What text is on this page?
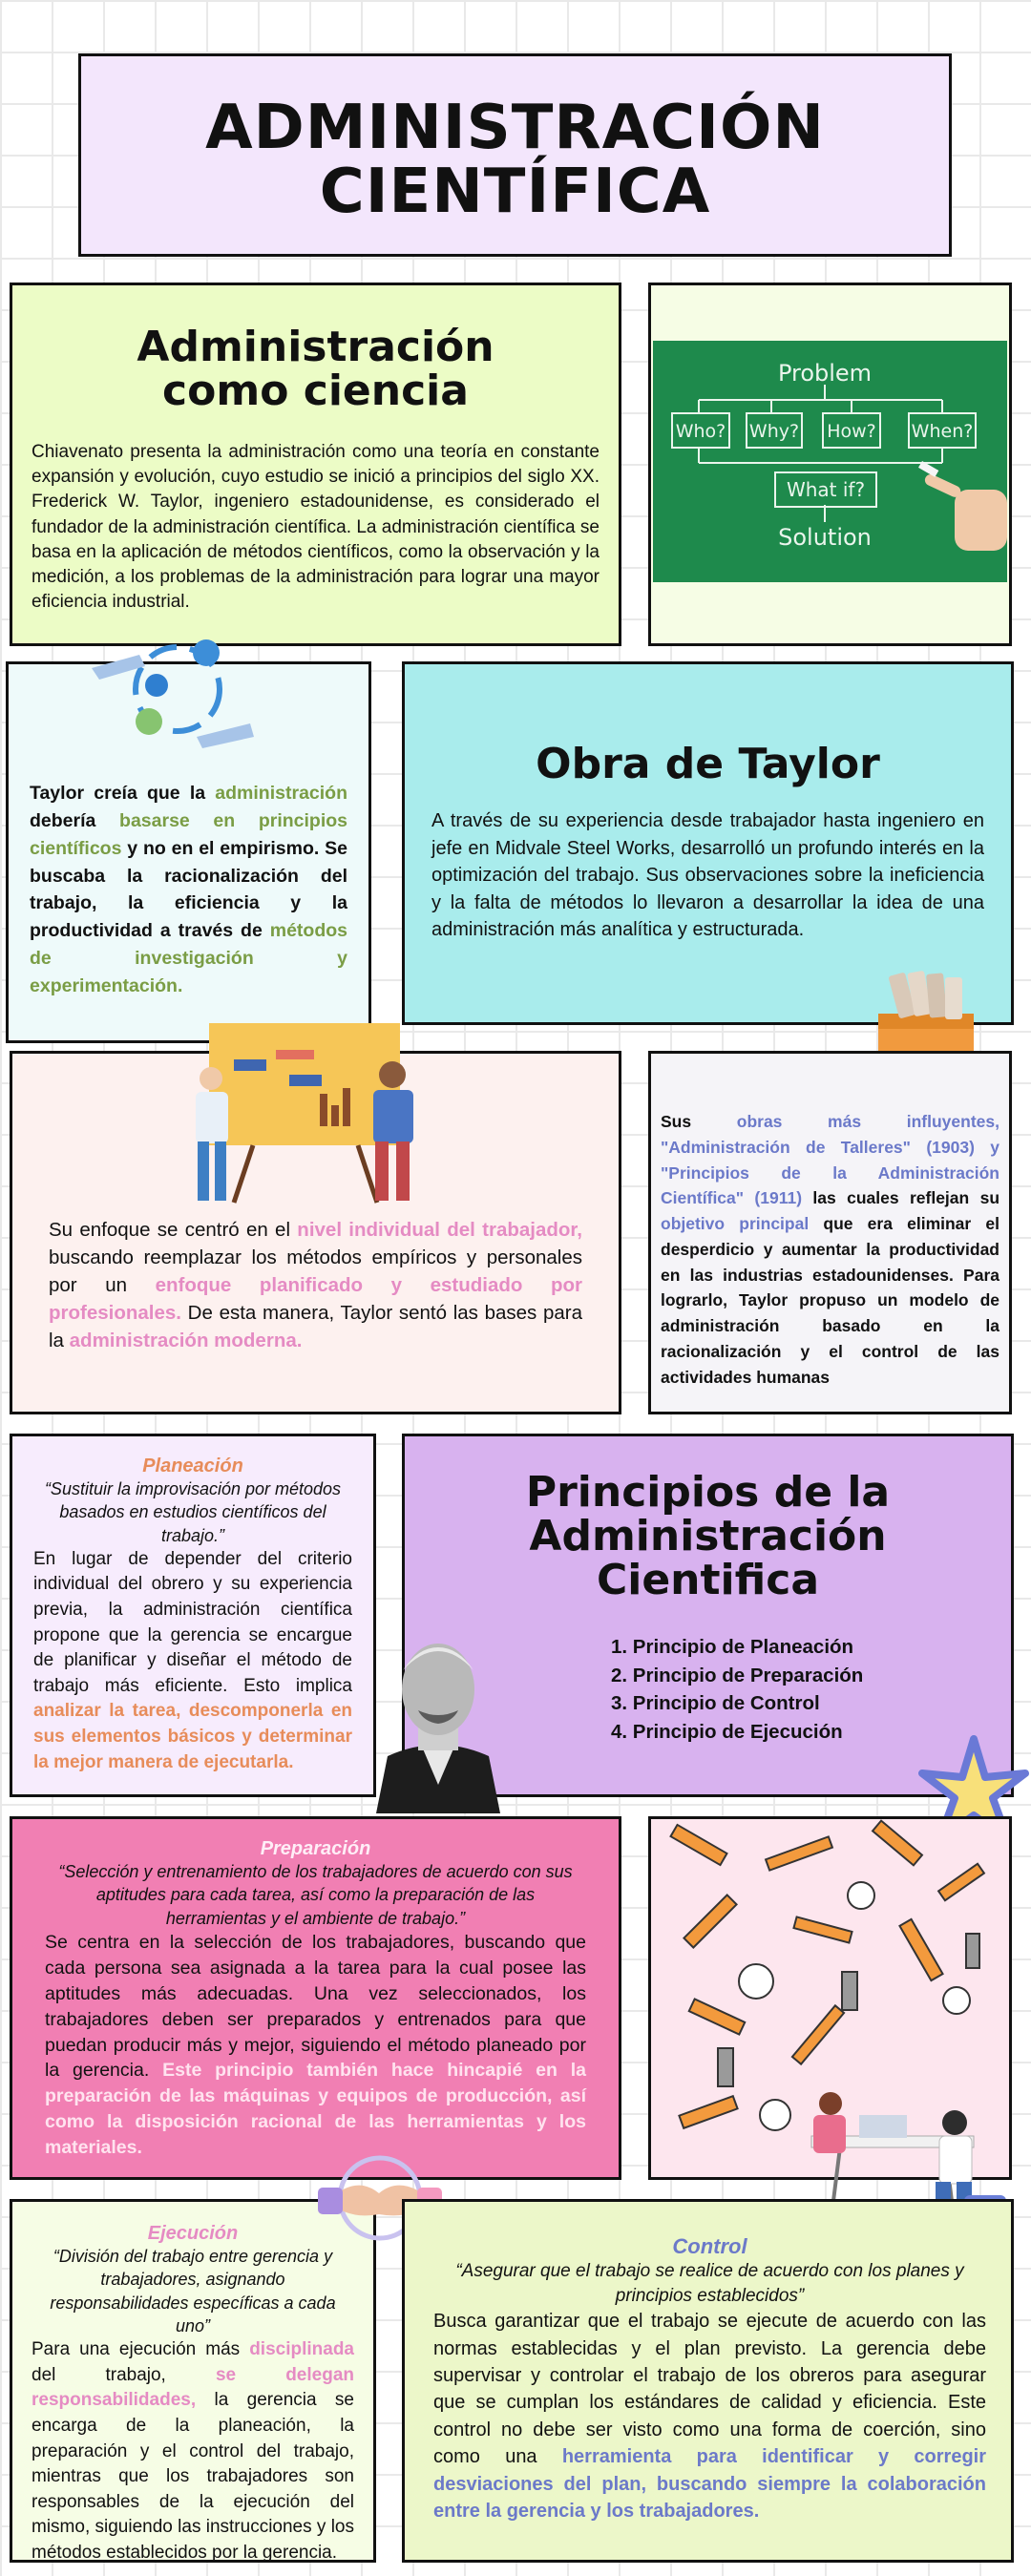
ADMINISTRACIÓN
CIENTÍFICA
Administración
como ciencia

Chiavenato presenta la administración como una teoría en constante expansión y evolución, cuyo estudio se inició a principios del siglo XX. Frederick W. Taylor, ingeniero estadounidense, es considerado el fundador de la administración científica. La administración científica se basa en la aplicación de métodos científicos, como la observación y la medición, a los problemas de la administración para lograr una mayor eficiencia industrial.

Problem
Who? Why? How? When?
What if?
Solution

Taylor creía que la administración debería basarse en principios científicos y no en el empirismo. Se buscaba la racionalización del trabajo, la eficiencia y la productividad a través de métodos de investigación y experimentación.

Obra de Taylor

A través de su experiencia desde trabajador hasta ingeniero en jefe en Midvale Steel Works, desarrolló un profundo interés en la optimización del trabajo. Sus observaciones sobre la ineficiencia y la falta de métodos lo llevaron a desarrollar la idea de una administración más analítica y estructurada.

Su enfoque se centró en el nivel individual del trabajador, buscando reemplazar los métodos empíricos y personales por un enfoque planificado y estudiado por profesionales. De esta manera, Taylor sentó las bases para la administración moderna.

Sus obras más influyentes, "Administración de Talleres" (1903) y "Principios de la Administración Científica" (1911) las cuales reflejan su objetivo principal que era eliminar el desperdicio y aumentar la productividad en las industrias estadounidenses. Para lograrlo, Taylor propuso un modelo de administración basado en la racionalización y el control de las actividades humanas

Planeación
“Sustituir la improvisación por métodos basados en estudios científicos del trabajo.”

En lugar de depender del criterio individual del obrero y su experiencia previa, la administración científica propone que la gerencia se encargue de planificar y diseñar el método de trabajo más eficiente. Esto implica analizar la tarea, descomponerla en sus elementos básicos y determinar la mejor manera de ejecutarla.

Principios de la
Administración
Cientifica
1. Principio de Planeación
2. Principio de Preparación
3. Principio de Control
4. Principio de Ejecución
Preparación
“Selección y entrenamiento de los trabajadores de acuerdo con sus aptitudes para cada tarea, así como la preparación de las herramientas y el ambiente de trabajo.”

Se centra en la selección de los trabajadores, buscando que cada persona sea asignada a la tarea para la cual posee las aptitudes más adecuadas. Una vez seleccionados, los trabajadores deben ser preparados y entrenados para que puedan producir más y mejor, siguiendo el método planeado por la gerencia. Este principio también hace hincapié en la preparación de las máquinas y equipos de producción, así como la disposición racional de las herramientas y los materiales.

Ejecución
“División del trabajo entre gerencia y trabajadores, asignando responsabilidades específicas a cada uno”

Para una ejecución más disciplinada del trabajo, se delegan responsabilidades, la gerencia se encarga de la planeación, la preparación y el control del trabajo, mientras que los trabajadores son responsables de la ejecución del mismo, siguiendo las instrucciones y los métodos establecidos por la gerencia.

Control
“Asegurar que el trabajo se realice de acuerdo con los planes y principios establecidos”

Busca garantizar que el trabajo se ejecute de acuerdo con las normas establecidas y el plan previsto. La gerencia debe supervisar y controlar el trabajo de los obreros para asegurar que se cumplan los estándares de calidad y eficiencia. Este control no debe ser visto como una forma de coerción, sino como una herramienta para identificar y corregir desviaciones del plan, buscando siempre la colaboración entre la gerencia y los trabajadores.
